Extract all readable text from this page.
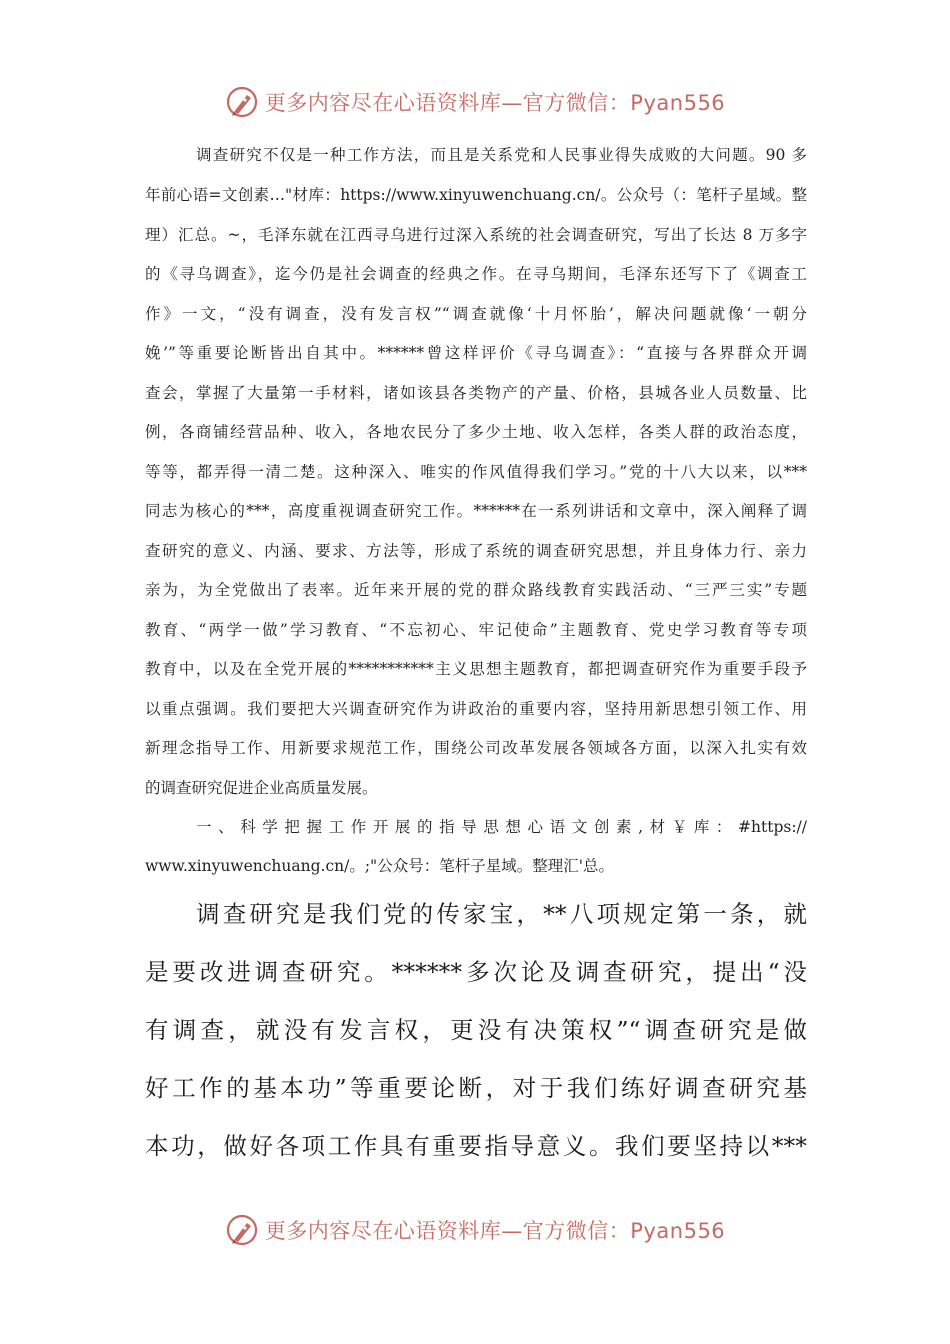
更多内容尽在心语资料库—官方微信：Pyan556
调查研究不仅是一种工作方法，而且是关系党和人民事业得失成败的大问题。90 多
年前心语=文创素…"材库：https://www.xinyuwenchuang.cn/。公众号（：笔杆子星域。整
理）汇总。~，毛泽东就在江西寻乌进行过深入系统的社会调查研究，写出了长达 8 万多字
的《寻乌调查》，迄今仍是社会调查的经典之作。在寻乌期间，毛泽东还写下了《调查工
作》一文，“没有调查，没有发言权”“调查就像‘十月怀胎’，解决问题就像‘一朝分
娩’”等重要论断皆出自其中。******曾这样评价《寻乌调查》：“直接与各界群众开调
查会，掌握了大量第一手材料，诸如该县各类物产的产量、价格，县城各业人员数量、比
例，各商铺经营品种、收入，各地农民分了多少土地、收入怎样，各类人群的政治态度，
等等，都弄得一清二楚。这种深入、唯实的作风值得我们学习。”党的十八大以来，以***
同志为核心的***，高度重视调查研究工作。******在一系列讲话和文章中，深入阐释了调
查研究的意义、内涵、要求、方法等，形成了系统的调查研究思想，并且身体力行、亲力
亲为，为全党做出了表率。近年来开展的党的群众路线教育实践活动、“三严三实”专题
教育、“两学一做”学习教育、“不忘初心、牢记使命”主题教育、党史学习教育等专项
教育中，以及在全党开展的***********主义思想主题教育，都把调查研究作为重要手段予
以重点强调。我们要把大兴调查研究作为讲政治的重要内容，坚持用新思想引领工作、用
新理念指导工作、用新要求规范工作，围绕公司改革发展各领域各方面，以深入扎实有效
的调查研究促进企业高质量发展。
一、科学把握工作开展的指导思想心语文创素,材￥库：#https://
www.xinyuwenchuang.cn/。;"公众号：笔杆子星域。整理汇'总。
调查研究是我们党的传家宝，**八项规定第一条，就
是要改进调查研究。******多次论及调查研究，提出“没
有调查，就没有发言权，更没有决策权”“调查研究是做
好工作的基本功”等重要论断，对于我们练好调查研究基
本功，做好各项工作具有重要指导意义。我们要坚持以***
更多内容尽在心语资料库—官方微信：Pyan556
